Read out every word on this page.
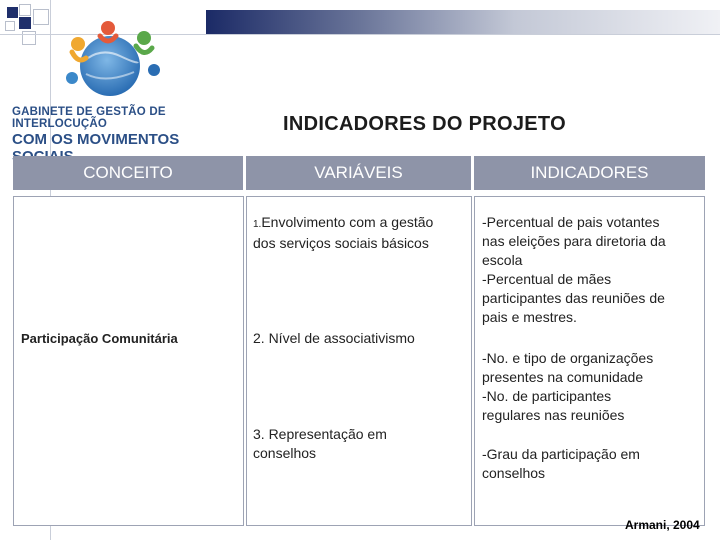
GABINETE DE GESTÃO DE INTERLOCUÇÃO
COM OS MOVIMENTOS
INDICADORES DO PROJETO
CONCEITO	VARIÁVEIS	INDICADORES
Participação Comunitária
1.Envolvimento com a gestão
dos serviços sociais básicos
2. Nível de associativismo
3. Representação em
conselhos
-Percentual de pais votantes
nas eleições para diretoria da
escola
-Percentual de mães
participantes das reuniões de
pais e mestres.
-No. e tipo de organizações
presentes na comunidade
-No. de participantes
regulares nas reuniões
-Grau da participação em
conselhos
Armani, 2004
